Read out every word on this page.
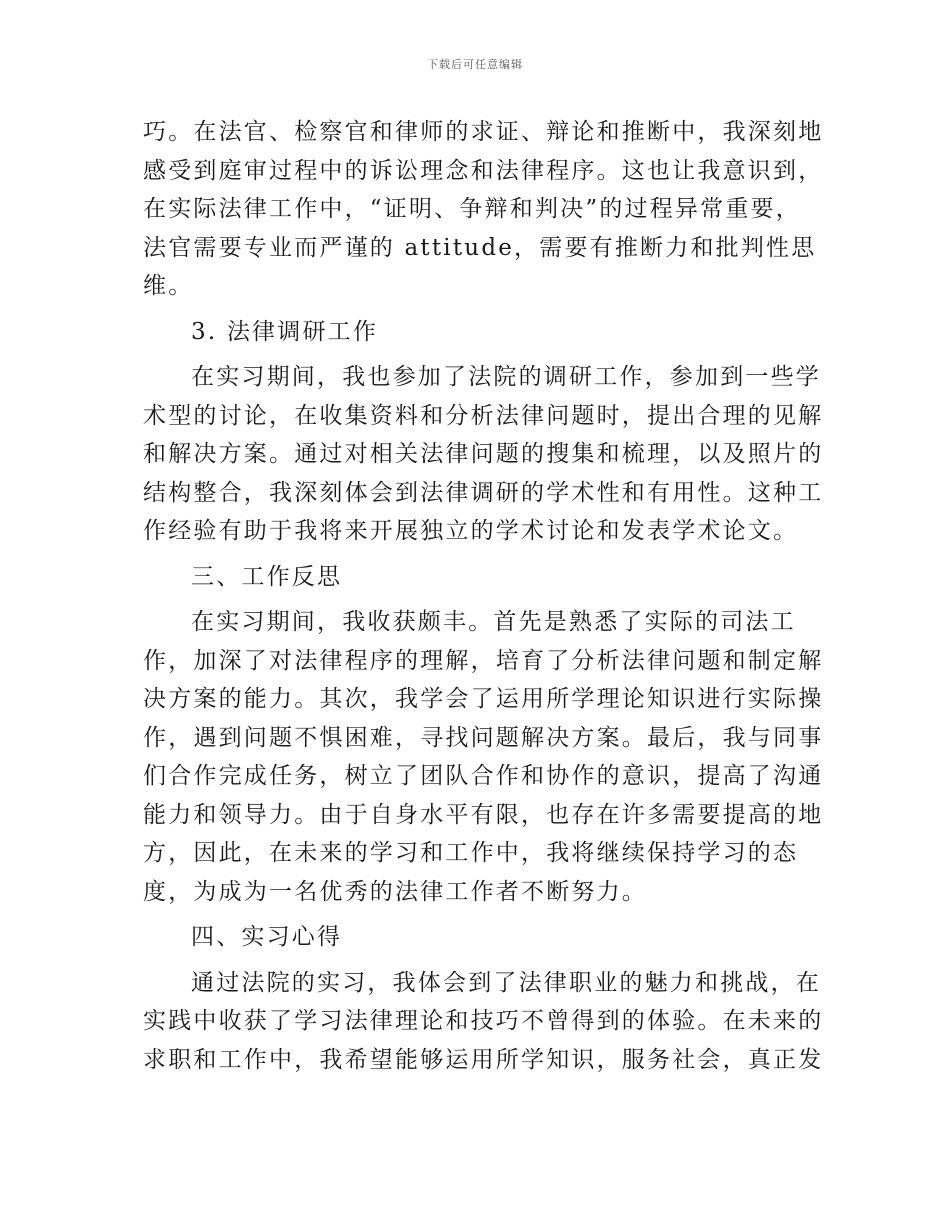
下载后可任意编辑
巧。在法官、检察官和律师的求证、辩论和推断中，我深刻地
感受到庭审过程中的诉讼理念和法律程序。这也让我意识到，
在实际法律工作中，“证明、争辩和判决”的过程异常重要，
法官需要专业而严谨的 attitude，需要有推断力和批判性思
维。
3. 法律调研工作
在实习期间，我也参加了法院的调研工作，参加到一些学
术型的讨论，在收集资料和分析法律问题时，提出合理的见解
和解决方案。通过对相关法律问题的搜集和梳理，以及照片的
结构整合，我深刻体会到法律调研的学术性和有用性。这种工
作经验有助于我将来开展独立的学术讨论和发表学术论文。
三、工作反思
在实习期间，我收获颇丰。首先是熟悉了实际的司法工
作，加深了对法律程序的理解，培育了分析法律问题和制定解
决方案的能力。其次，我学会了运用所学理论知识进行实际操
作，遇到问题不惧困难，寻找问题解决方案。最后，我与同事
们合作完成任务，树立了团队合作和协作的意识，提高了沟通
能力和领导力。由于自身水平有限，也存在许多需要提高的地
方，因此，在未来的学习和工作中，我将继续保持学习的态
度，为成为一名优秀的法律工作者不断努力。
四、实习心得
通过法院的实习，我体会到了法律职业的魅力和挑战，在
实践中收获了学习法律理论和技巧不曾得到的体验。在未来的
求职和工作中，我希望能够运用所学知识，服务社会，真正发
